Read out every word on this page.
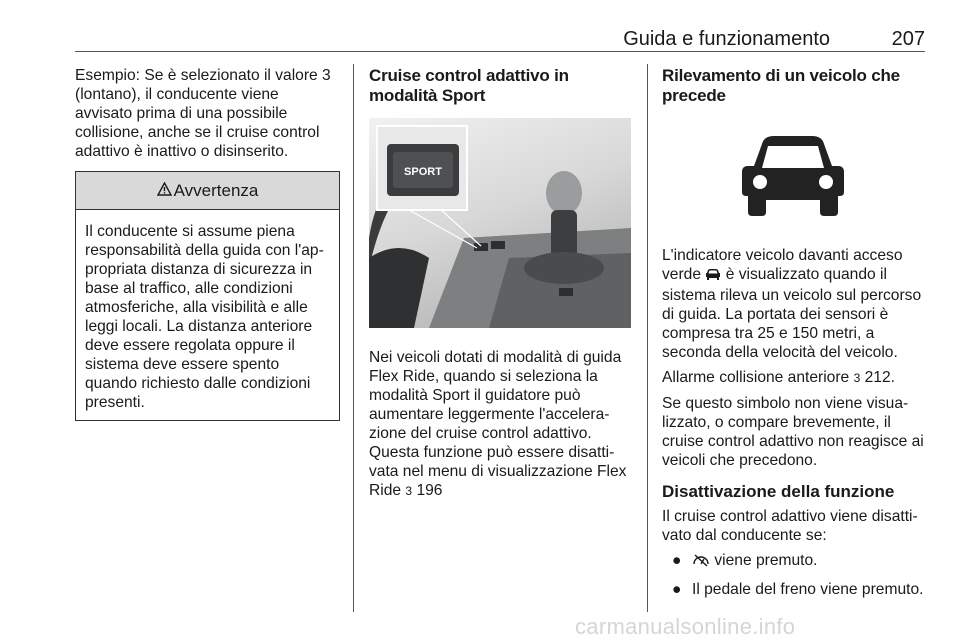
Guida e funzionamento	207

Esempio: Se è selezionato il valore 3 (lontano), il conducente viene avvisato prima di una possibile collisione, anche se il cruise control adattivo è inattivo o disinserito.

Avvertenza
Il conducente si assume piena responsabilità della guida con l'ap-propriata distanza di sicurezza in base al traffico, alle condizioni atmosferiche, alla visibilità e alle leggi locali. La distanza anteriore deve essere regolata oppure il sistema deve essere spento quando richiesto dalle condizioni presenti.
Cruise control adattivo in modalità Sport
SPORT

Nei veicoli dotati di modalità di guida Flex Ride, quando si seleziona la modalità Sport il guidatore può aumentare leggermente l'accelera-zione del cruise control adattivo. Questa funzione può essere disatti-vata nel menu di visualizzazione Flex Ride 3 196

Rilevamento di un veicolo che precede

L'indicatore veicolo davanti acceso verde è visualizzato quando il sistema rileva un veicolo sul percorso di guida. La portata dei sensori è compresa tra 25 e 150 metri, a seconda della velocità del veicolo.

Allarme collisione anteriore 3 212.

Se questo simbolo non viene visua-lizzato, o compare brevemente, il cruise control adattivo non reagisce ai veicoli che precedono.

Disattivazione della funzione

Il cruise control adattivo viene disatti-vato dal conducente se:

● viene premuto.
● Il pedale del freno viene premuto.
carmanualsonline.info
